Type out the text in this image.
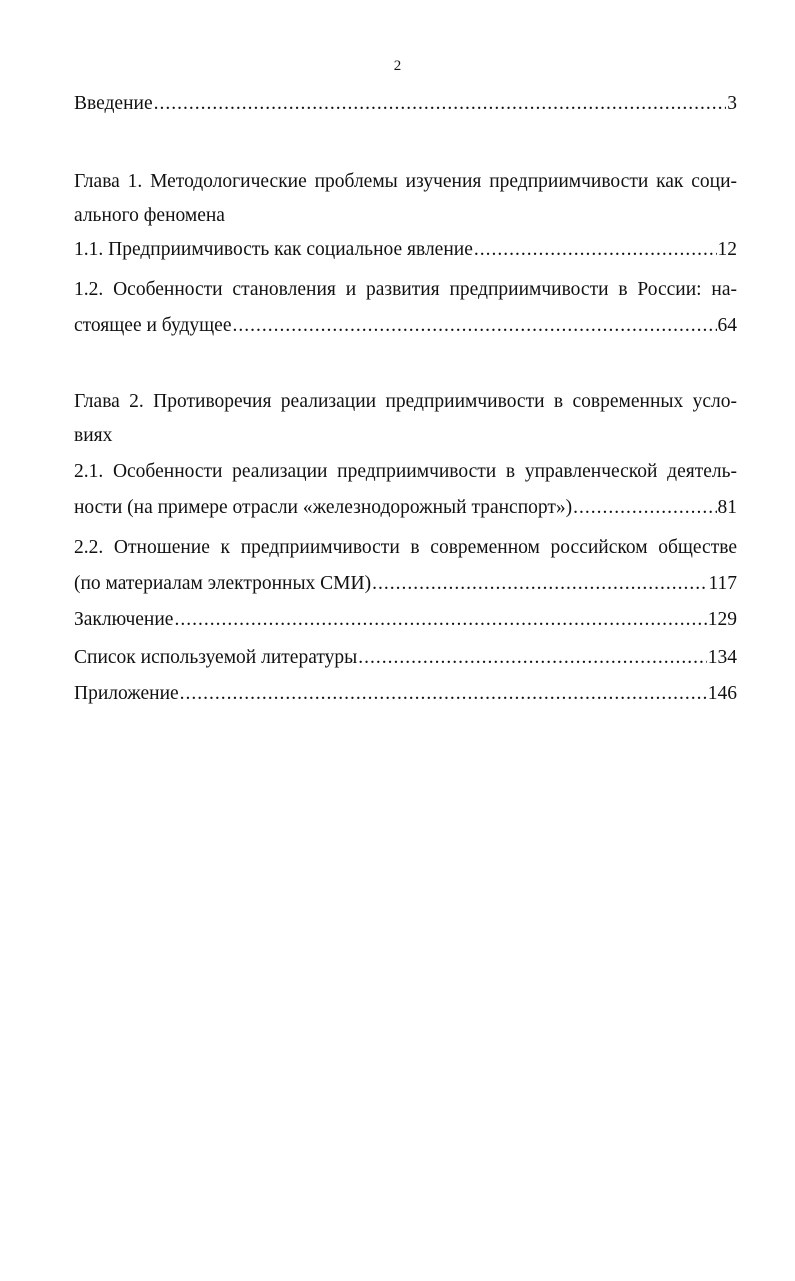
2
Введение .....	3
Глава 1. Методологические проблемы изучения предприимчивости как соци-
ального феномена
1.1. Предприимчивость как социальное явление .....	12
1.2. Особенности становления и развития предприимчивости в России: на-
стоящее и будущее .....	64
Глава 2. Противоречия реализации предприимчивости в современных усло-
виях
2.1. Особенности реализации предприимчивости в управленческой деятель-
ности (на примере отрасли «железнодорожный транспорт») .....	81
2.2. Отношение к предприимчивости в современном российском обществе
(по материалам электронных СМИ) .....	117
Заключение .....	129
Список используемой литературы .....	134
Приложение .....	146
